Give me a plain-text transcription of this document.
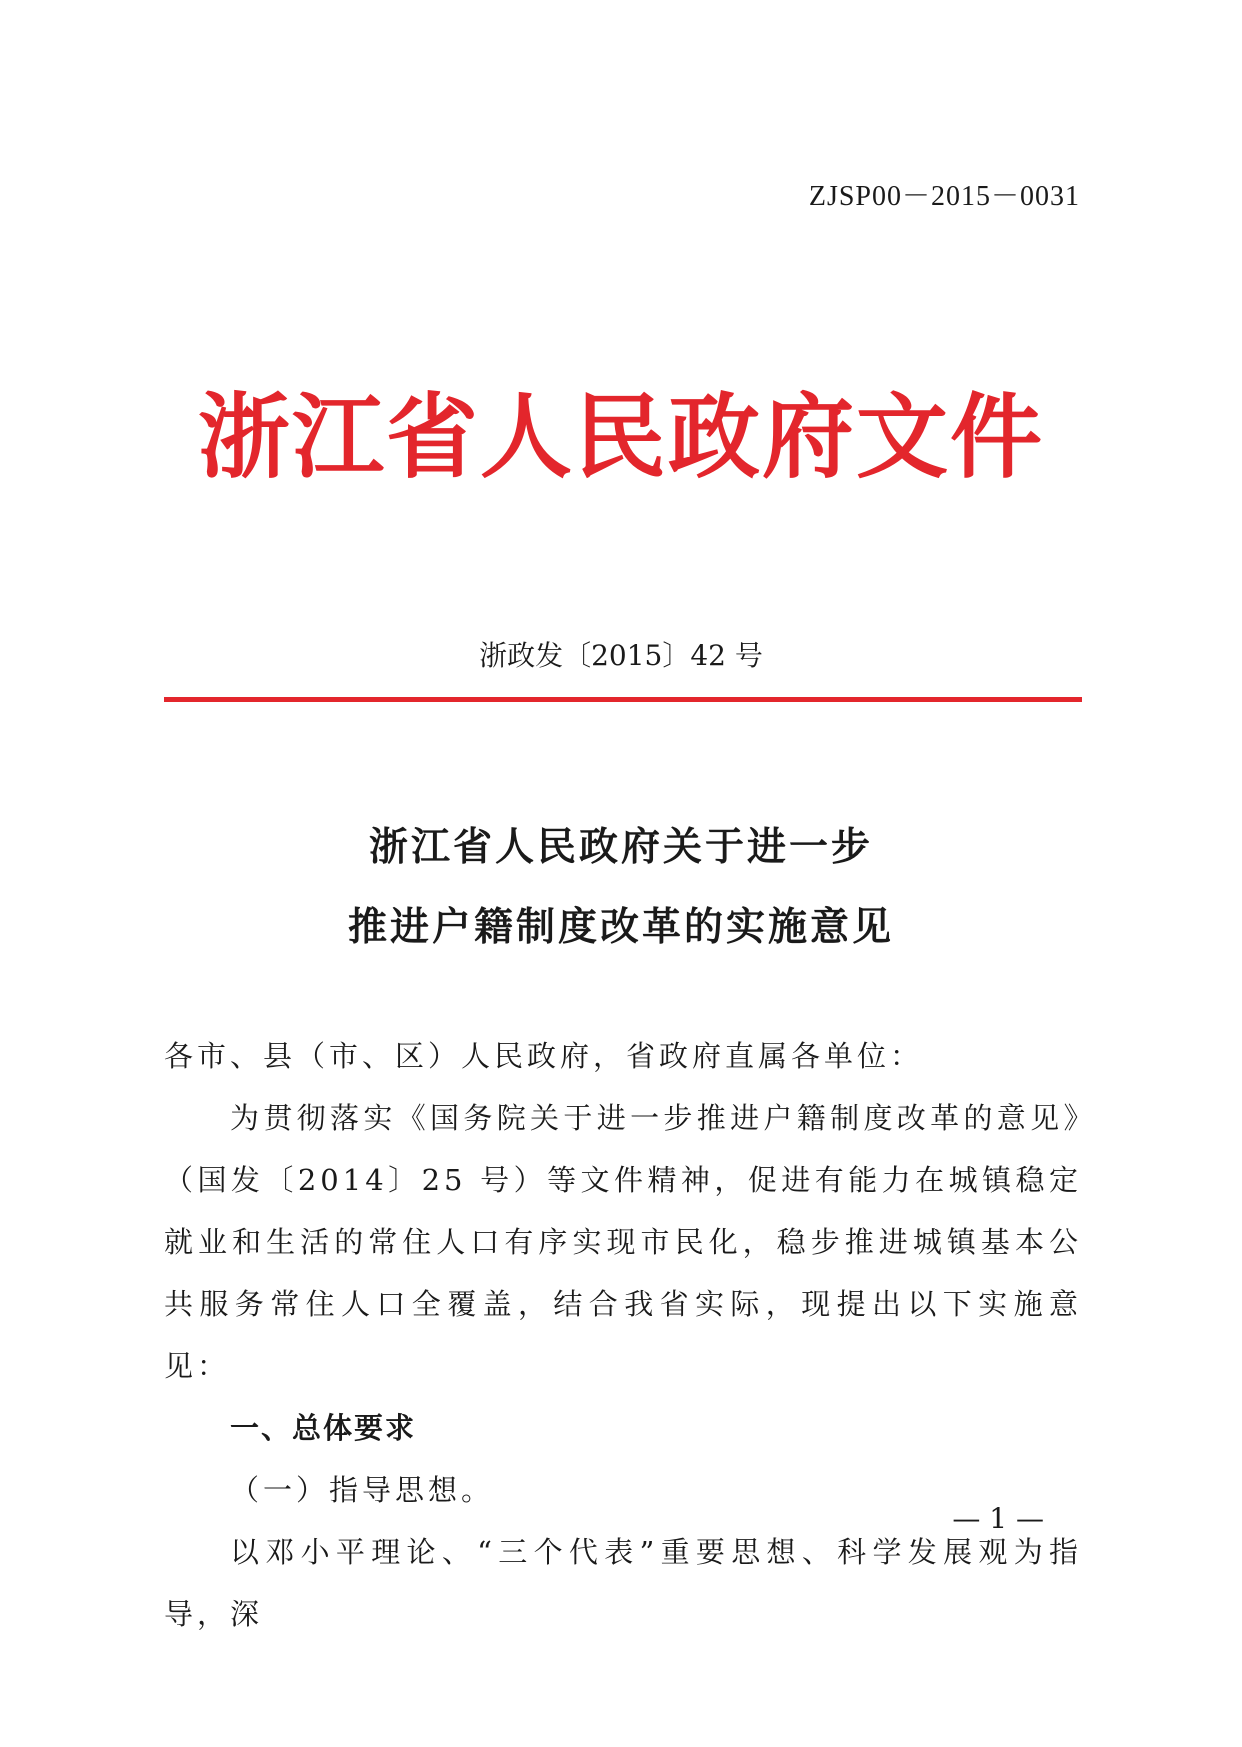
ZJSP00－2015－0031
浙江省人民政府文件
浙政发〔2015〕42 号
浙江省人民政府关于进一步
推进户籍制度改革的实施意见
各市、县（市、区）人民政府，省政府直属各单位：
为贯彻落实《国务院关于进一步推进户籍制度改革的意见》（国发〔2014〕25 号）等文件精神，促进有能力在城镇稳定就业和生活的常住人口有序实现市民化，稳步推进城镇基本公共服务常住人口全覆盖，结合我省实际，现提出以下实施意见：
一、总体要求
（一）指导思想。
以邓小平理论、“三个代表”重要思想、科学发展观为指导，深
— 1 —
